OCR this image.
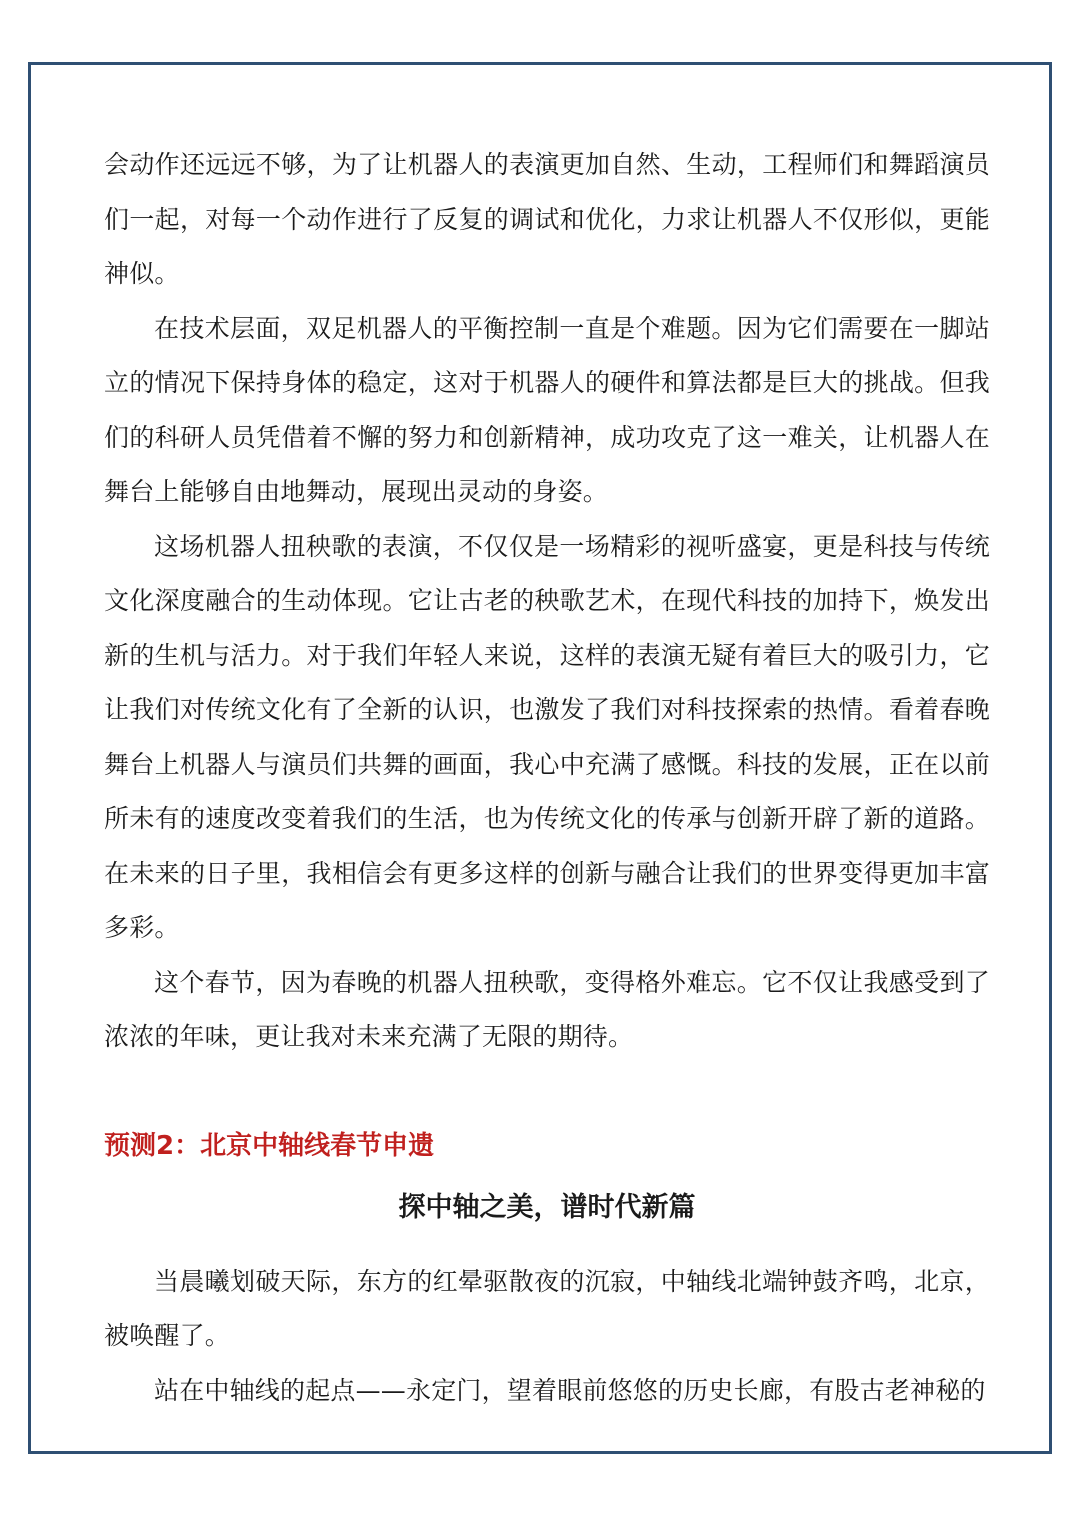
会动作还远远不够，为了让机器人的表演更加自然、生动，工程师们和舞蹈演员们一起，对每一个动作进行了反复的调试和优化，力求让机器人不仅形似，更能神似。

在技术层面，双足机器人的平衡控制一直是个难题。因为它们需要在一脚站立的情况下保持身体的稳定，这对于机器人的硬件和算法都是巨大的挑战。但我们的科研人员凭借着不懈的努力和创新精神，成功攻克了这一难关，让机器人在舞台上能够自由地舞动，展现出灵动的身姿。

这场机器人扭秧歌的表演，不仅仅是一场精彩的视听盛宴，更是科技与传统文化深度融合的生动体现。它让古老的秧歌艺术，在现代科技的加持下，焕发出新的生机与活力。对于我们年轻人来说，这样的表演无疑有着巨大的吸引力，它让我们对传统文化有了全新的认识，也激发了我们对科技探索的热情。看着春晚舞台上机器人与演员们共舞的画面，我心中充满了感慨。科技的发展，正在以前所未有的速度改变着我们的生活，也为传统文化的传承与创新开辟了新的道路。在未来的日子里，我相信会有更多这样的创新与融合让我们的世界变得更加丰富多彩。

这个春节，因为春晚的机器人扭秧歌，变得格外难忘。它不仅让我感受到了浓浓的年味，更让我对未来充满了无限的期待。

预测2：北京中轴线春节申遗
探中轴之美，谱时代新篇

当晨曦划破天际，东方的红晕驱散夜的沉寂，中轴线北端钟鼓齐鸣，北京，被唤醒了。

站在中轴线的起点——永定门，望着眼前悠悠的历史长廊，有股古老神秘的
